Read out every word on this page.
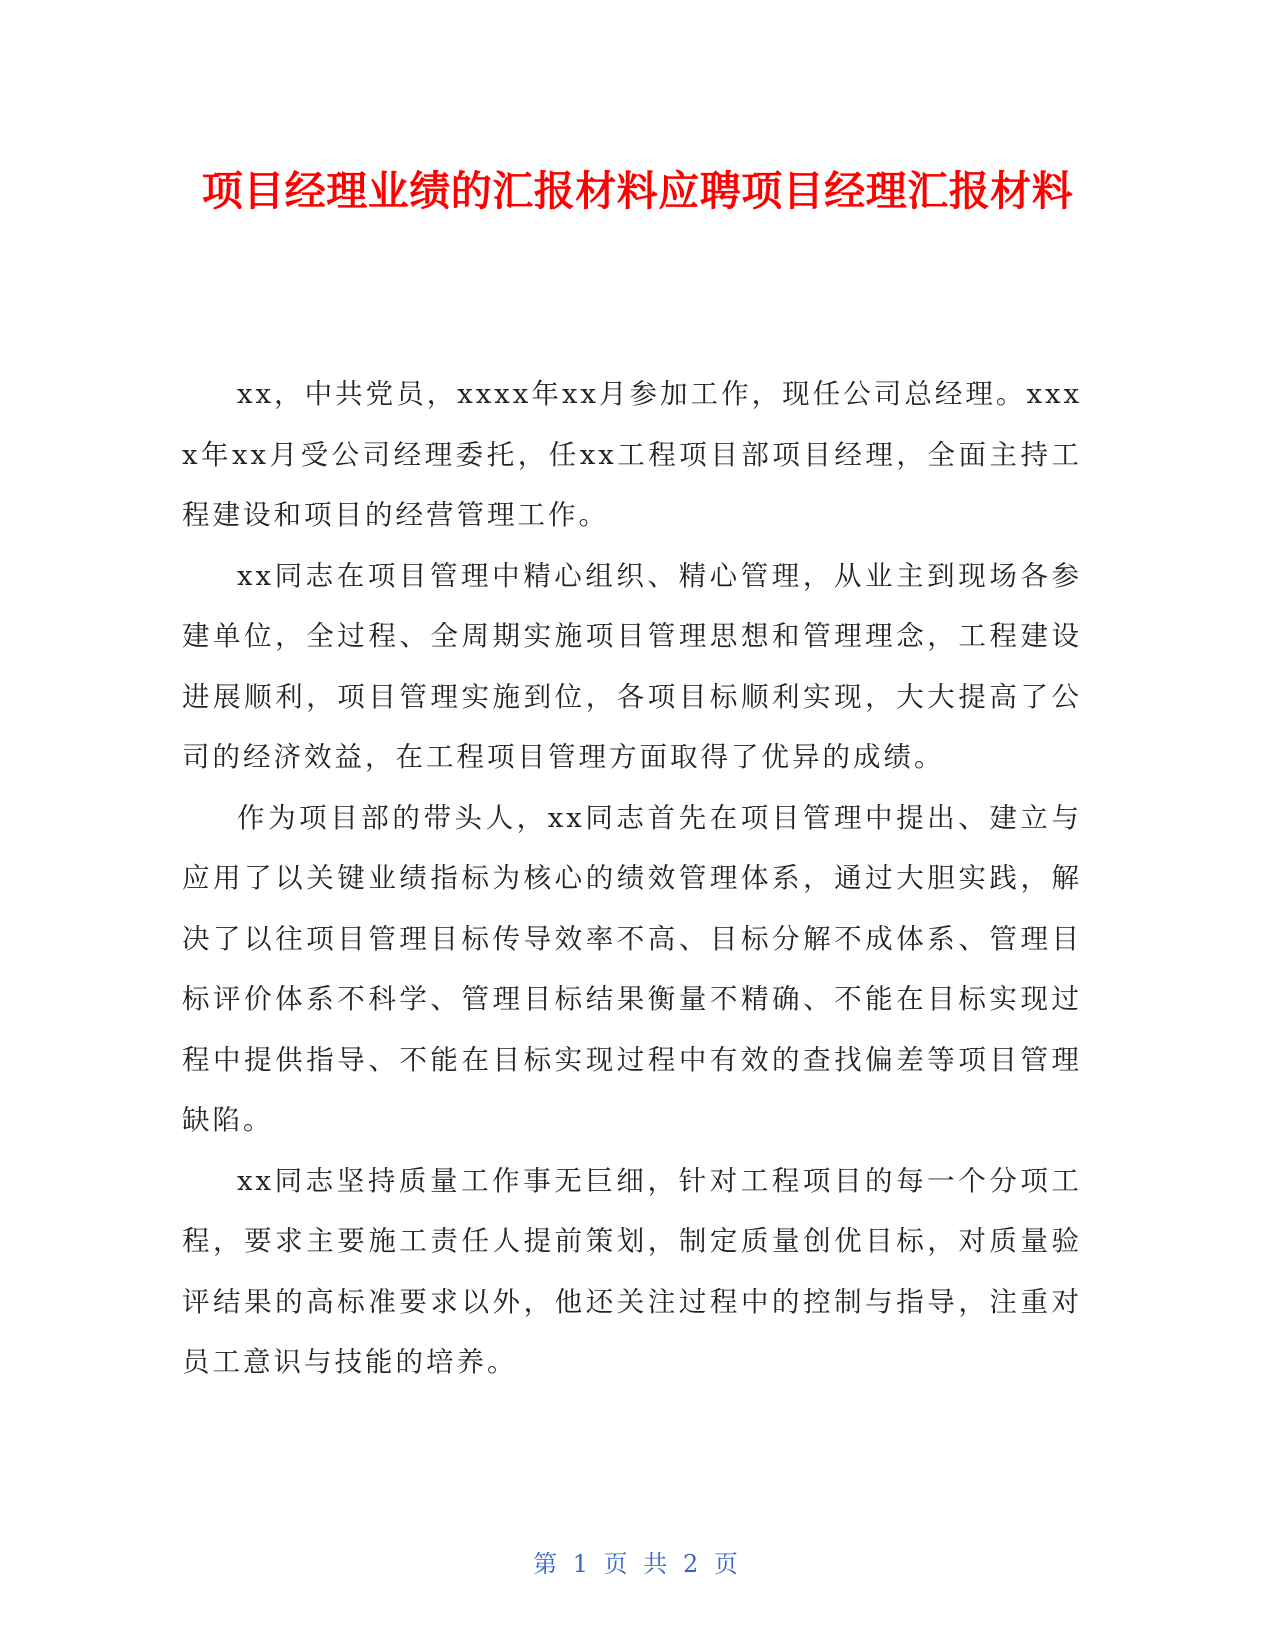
项目经理业绩的汇报材料应聘项目经理汇报材料

xx，中共党员，xxxx年xx月参加工作，现任公司总经理。xxxx年xx月受公司经理委托，任xx工程项目部项目经理，全面主持工程建设和项目的经营管理工作。

xx同志在项目管理中精心组织、精心管理，从业主到现场各参建单位，全过程、全周期实施项目管理思想和管理理念，工程建设进展顺利，项目管理实施到位，各项目标顺利实现，大大提高了公司的经济效益，在工程项目管理方面取得了优异的成绩。

作为项目部的带头人，xx同志首先在项目管理中提出、建立与应用了以关键业绩指标为核心的绩效管理体系，通过大胆实践，解决了以往项目管理目标传导效率不高、目标分解不成体系、管理目标评价体系不科学、管理目标结果衡量不精确、不能在目标实现过程中提供指导、不能在目标实现过程中有效的查找偏差等项目管理缺陷。

xx同志坚持质量工作事无巨细，针对工程项目的每一个分项工程，要求主要施工责任人提前策划，制定质量创优目标，对质量验评结果的高标准要求以外，他还关注过程中的控制与指导，注重对员工意识与技能的培养。

第 1 页 共 2 页
